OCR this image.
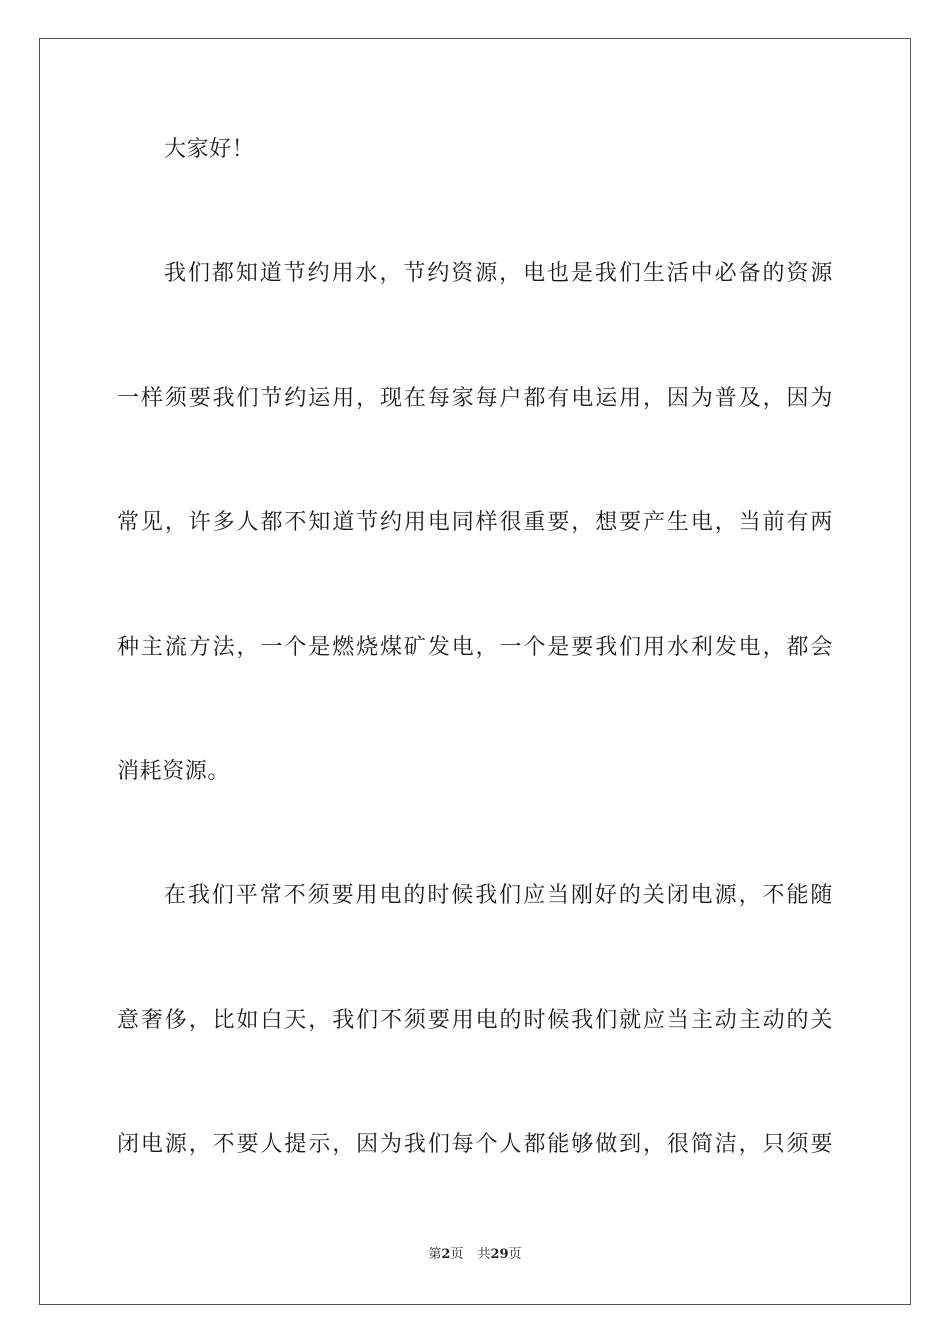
大家好！
我们都知道节约用水，节约资源，电也是我们生活中必备的资源
一样须要我们节约运用，现在每家每户都有电运用，因为普及，因为
常见，许多人都不知道节约用电同样很重要，想要产生电，当前有两
种主流方法，一个是燃烧煤矿发电，一个是要我们用水利发电，都会
消耗资源。
在我们平常不须要用电的时候我们应当刚好的关闭电源，不能随
意奢侈，比如白天，我们不须要用电的时候我们就应当主动主动的关
闭电源，不要人提示，因为我们每个人都能够做到，很简洁，只须要
第2页 共29页
